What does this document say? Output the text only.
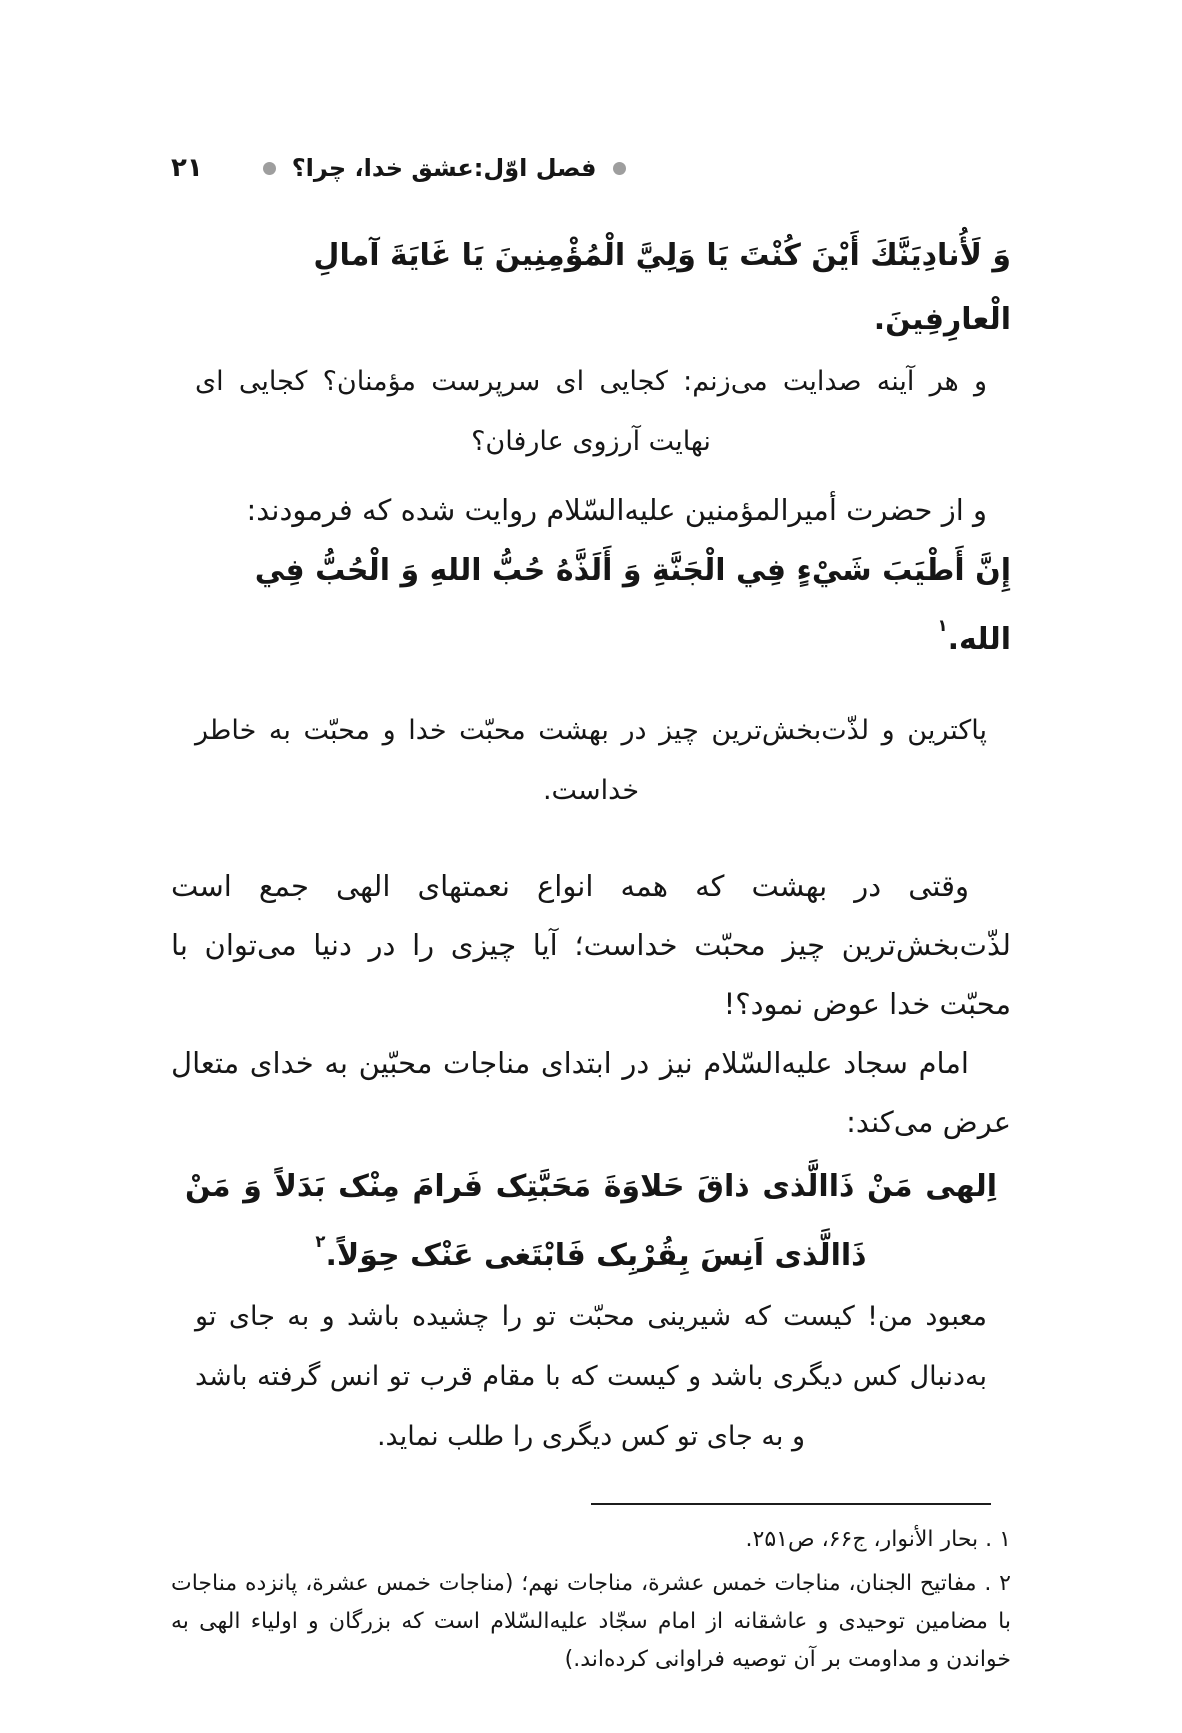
فصل اوّل:عشق خدا، چرا؟
۲۱

وَ لَأُنادِيَنَّكَ أَيْنَ كُنْتَ يَا وَلِيَّ الْمُؤْمِنِينَ يَا غَايَةَ آمالِ الْعارِفِينَ.

و هر آینه صدایت می‌زنم: کجایی ای سرپرست مؤمنان؟ کجایی ای نهایت آرزوی عارفان؟

و از حضرت أمیرالمؤمنین علیه‌السّلام روایت شده که فرمودند:

إِنَّ أَطْيَبَ شَيْءٍ فِي الْجَنَّةِ وَ أَلَذَّهُ حُبُّ اللهِ وَ الْحُبُّ فِي الله.$^۱$

پاکترین و لذّت‌بخش‌ترین چیز در بهشت محبّت خدا و محبّت به خاطر خداست.

وقتی در بهشت که همه انواع نعمتهای الهی جمع است لذّت‌بخش‌ترین چیز محبّت خداست؛ آیا چیزی را در دنیا می‌توان با محبّت خدا عوض نمود؟!

امام سجاد علیه‌السّلام نیز در ابتدای مناجات محبّین به خدای متعال عرض می‌کند:

اِلهی مَنْ ذَاالَّذی ذاقَ حَلاوَةَ مَحَبَّتِک فَرامَ مِنْک بَدَلاً وَ مَنْ ذَاالَّذی اَنِسَ بِقُرْبِک فَابْتَغی عَنْک حِوَلاً.$^۲$

معبود من! کیست که شیرینی محبّت تو را چشیده باشد و به جای تو به‌دنبال کس دیگری باشد و کیست که با مقام قرب تو انس گرفته باشد و به جای تو کس دیگری را طلب نماید.

۱ . بحار الأنوار، ج۶۶، ص۲۵۱.

۲ . مفاتیح الجنان، مناجات خمس عشرة، مناجات نهم؛ (مناجات خمس عشرة، پانزده مناجات با مضامین توحیدی و عاشقانه از امام سجّاد علیه‌السّلام است که بزرگان و اولیاء الهی به خواندن و مداومت بر آن توصیه فراوانی کرده‌اند.)
